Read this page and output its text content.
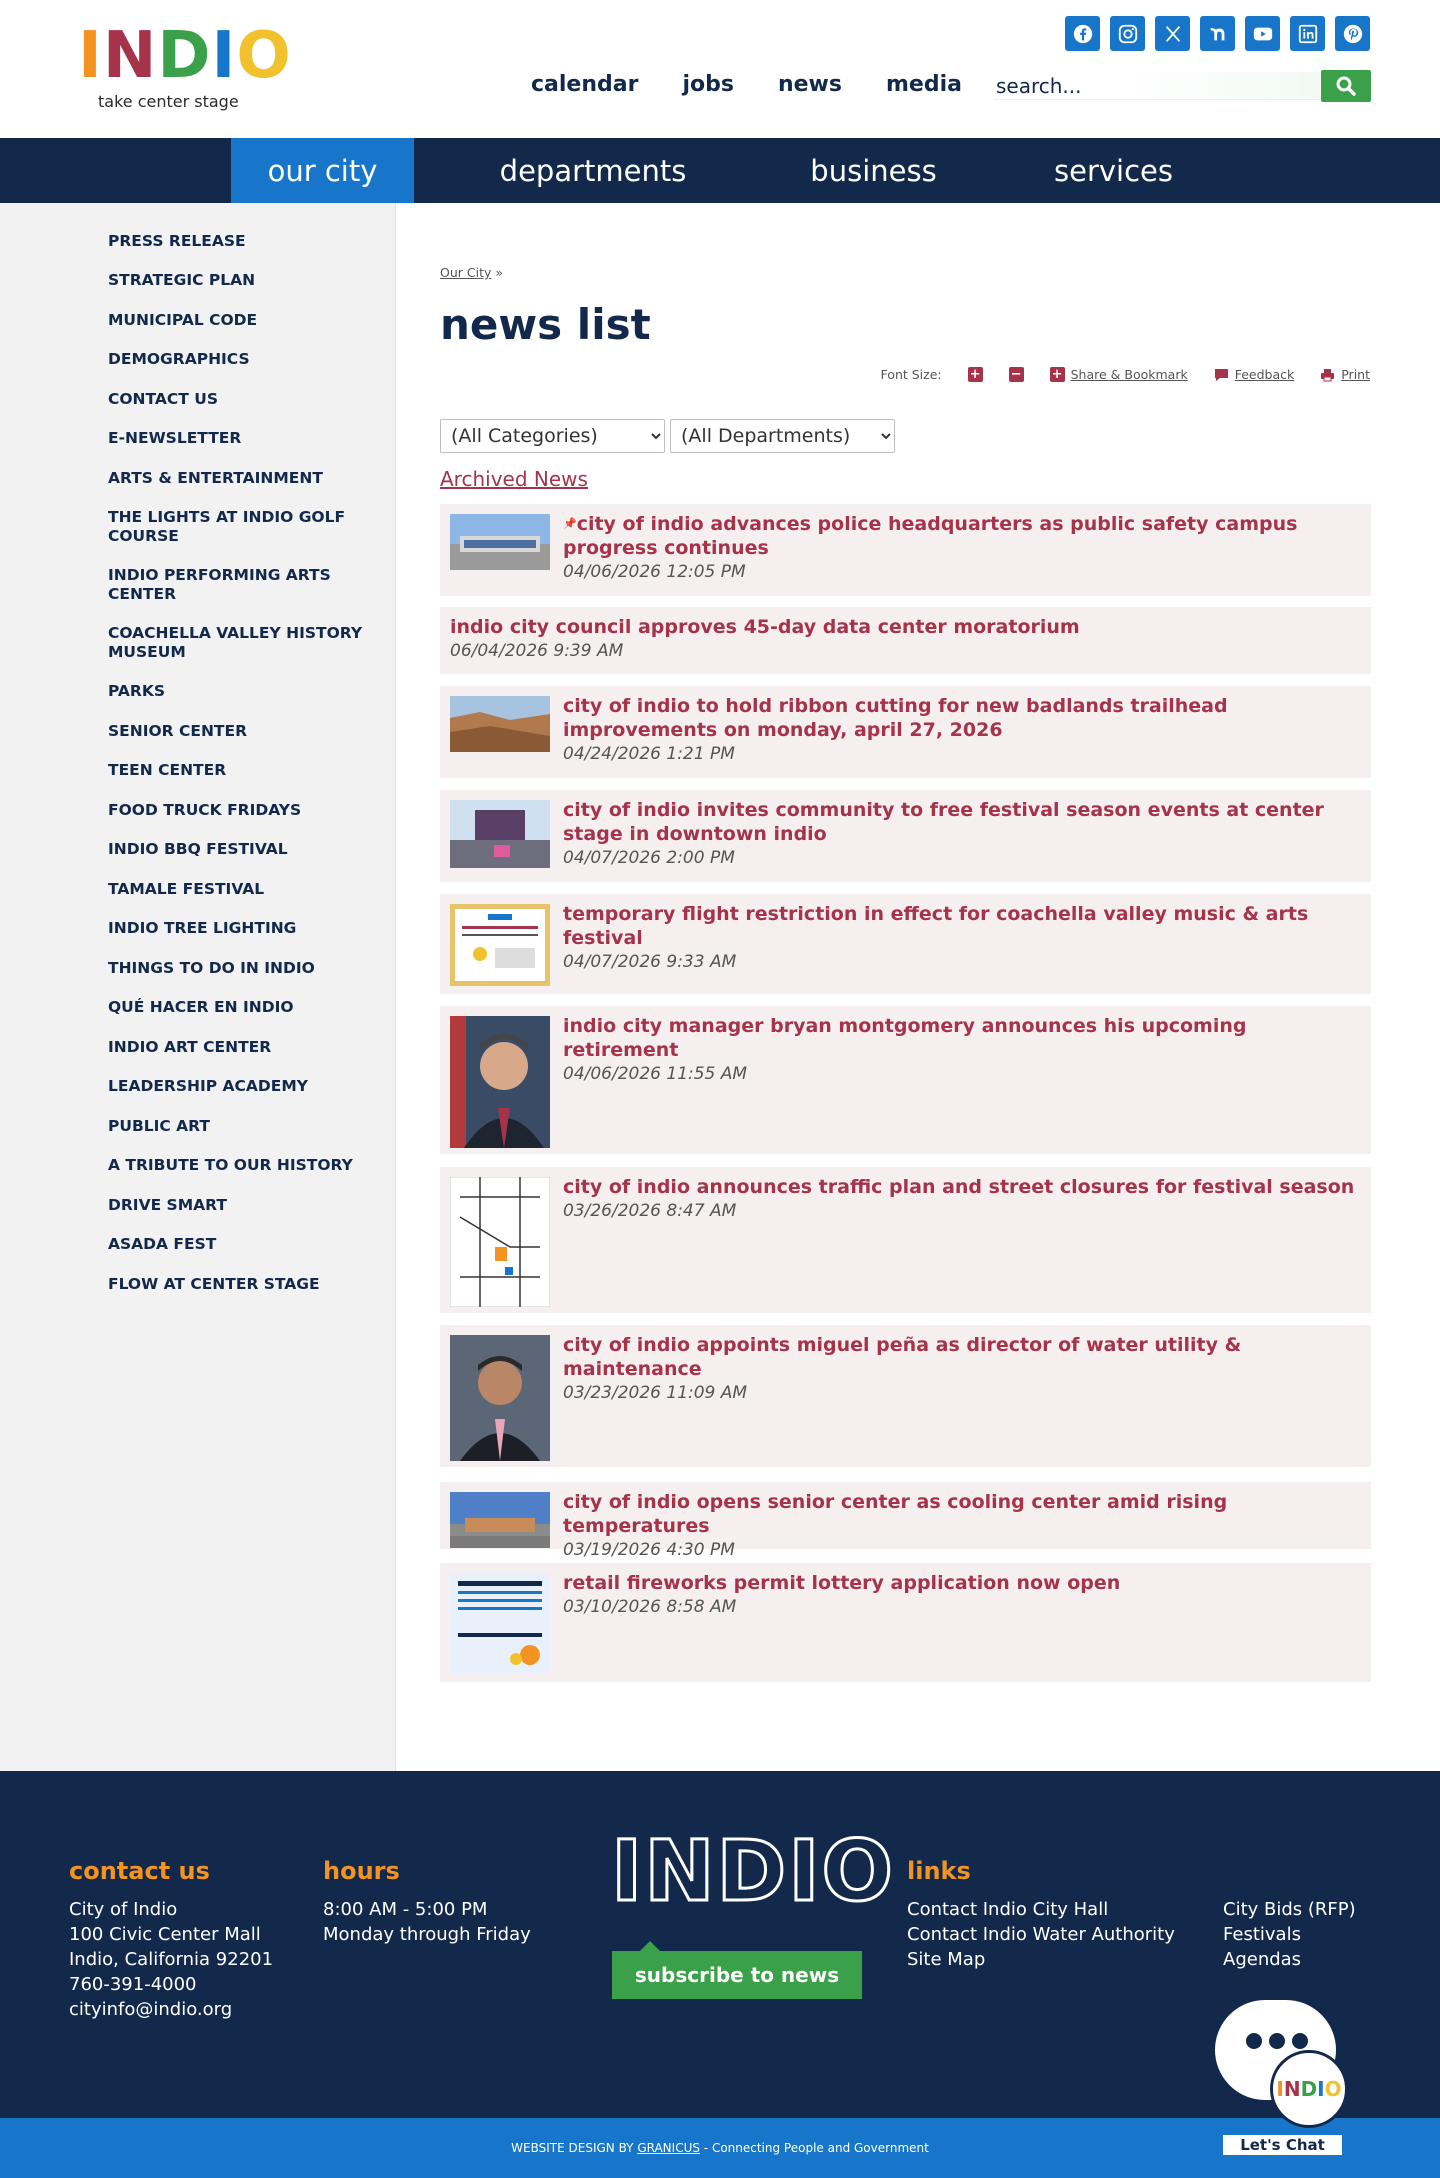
I N D I O
take center stage
calendar jobs news media
search...
our city	departments	business	services
PRESS RELEASE
STRATEGIC PLAN
MUNICIPAL CODE
DEMOGRAPHICS
CONTACT US
E-NEWSLETTER
ARTS & ENTERTAINMENT
THE LIGHTS AT INDIO GOLF COURSE
INDIO PERFORMING ARTS CENTER
COACHELLA VALLEY HISTORY MUSEUM
PARKS
SENIOR CENTER
TEEN CENTER
FOOD TRUCK FRIDAYS
INDIO BBQ FESTIVAL
TAMALE FESTIVAL
INDIO TREE LIGHTING
THINGS TO DO IN INDIO
QUÉ HACER EN INDIO
INDIO ART CENTER
LEADERSHIP ACADEMY
PUBLIC ART
A TRIBUTE TO OUR HISTORY
DRIVE SMART
ASADA FEST
FLOW AT CENTER STAGE
Our City »
news list
Font Size: + − + Share & Bookmark	Feedback	Print
(All Categories)
(All Departments)
Archived News
📌city of indio advances police headquarters as public safety campus progress continues
04/06/2026 12:05 PM
indio city council approves 45-day data center moratorium
06/04/2026 9:39 AM
city of indio to hold ribbon cutting for new badlands trailhead improvements on monday, april 27, 2026
04/24/2026 1:21 PM
city of indio invites community to free festival season events at center stage in downtown indio
04/07/2026 2:00 PM
temporary flight restriction in effect for coachella valley music & arts festival
04/07/2026 9:33 AM
indio city manager bryan montgomery announces his upcoming retirement
04/06/2026 11:55 AM
city of indio announces traffic plan and street closures for festival season
03/26/2026 8:47 AM
city of indio appoints miguel peña as director of water utility & maintenance
03/23/2026 11:09 AM
city of indio opens senior center as cooling center amid rising temperatures
03/19/2026 4:30 PM
retail fireworks permit lottery application now open
03/10/2026 8:58 AM
contact us
City of Indio
100 Civic Center Mall
Indio, California 92201
760-391-4000
cityinfo@indio.org
hours
8:00 AM - 5:00 PM
Monday through Friday
INDIO
subscribe to news
links
Contact Indio City Hall
Contact Indio Water Authority
Site Map
City Bids (RFP)
Festivals
Agendas
WEBSITE DESIGN BY GRANICUS - Connecting People and Government
I N D I O
Let's Chat
